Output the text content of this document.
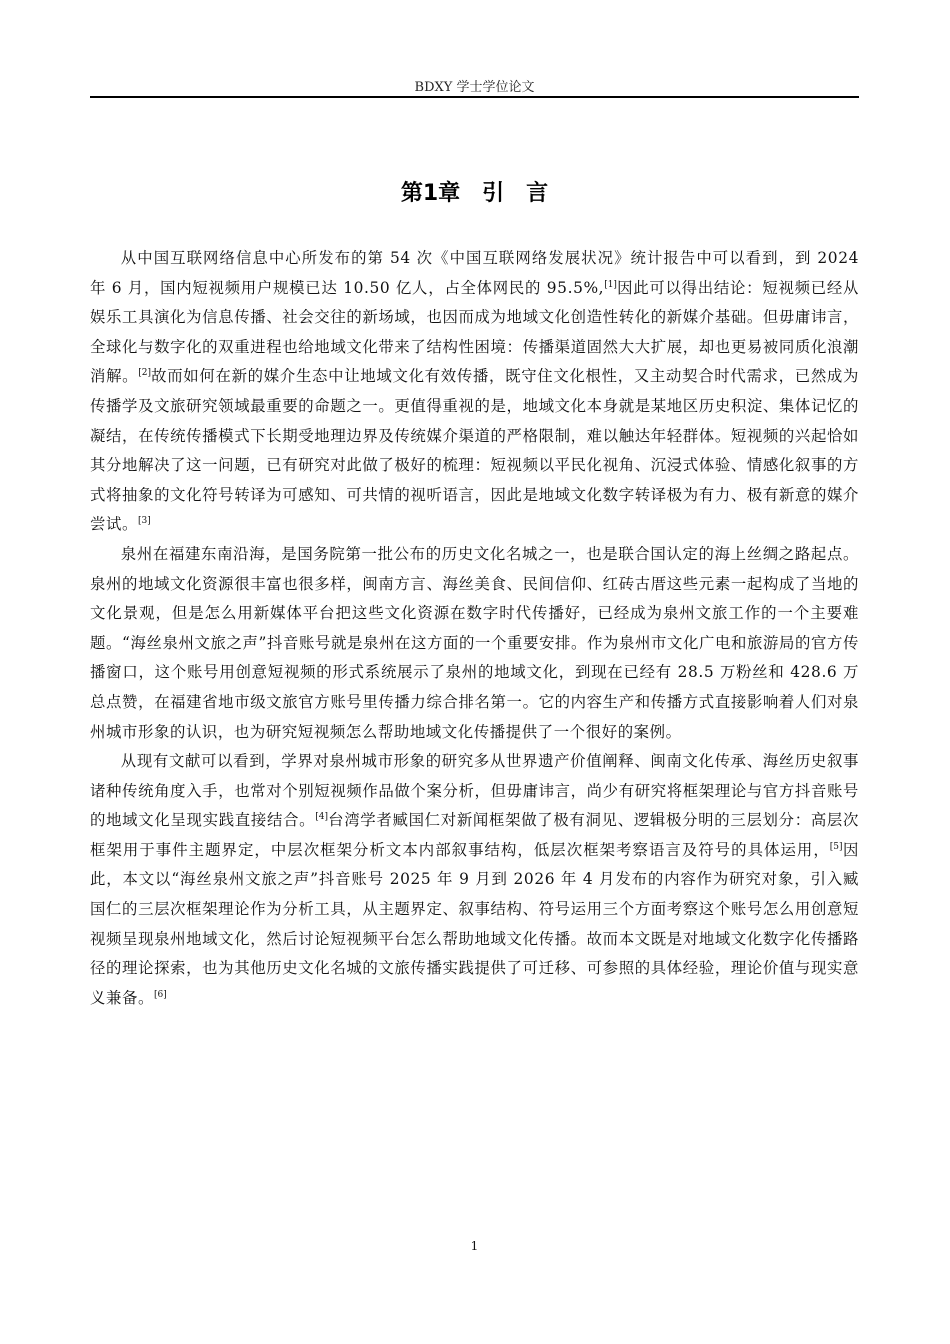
BDXY 学士学位论文
第1章 引　言

从中国互联网络信息中心所发布的第 54 次《中国互联网络发展状况》统计报告中可以看到，到 2024 年 6 月，国内短视频用户规模已达 10.50 亿人，占全体网民的 95.5%,[1]因此可以得出结论：短视频已经从娱乐工具演化为信息传播、社会交往的新场域，也因而成为地域文化创造性转化的新媒介基础。但毋庸讳言，全球化与数字化的双重进程也给地域文化带来了结构性困境：传播渠道固然大大扩展，却也更易被同质化浪潮消解。[2]故而如何在新的媒介生态中让地域文化有效传播，既守住文化根性，又主动契合时代需求，已然成为传播学及文旅研究领域最重要的命题之一。更值得重视的是，地域文化本身就是某地区历史积淀、集体记忆的凝结，在传统传播模式下长期受地理边界及传统媒介渠道的严格限制，难以触达年轻群体。短视频的兴起恰如其分地解决了这一问题，已有研究对此做了极好的梳理：短视频以平民化视角、沉浸式体验、情感化叙事的方式将抽象的文化符号转译为可感知、可共情的视听语言，因此是地域文化数字转译极为有力、极有新意的媒介尝试。[3]

泉州在福建东南沿海，是国务院第一批公布的历史文化名城之一，也是联合国认定的海上丝绸之路起点。泉州的地域文化资源很丰富也很多样，闽南方言、海丝美食、民间信仰、红砖古厝这些元素一起构成了当地的文化景观，但是怎么用新媒体平台把这些文化资源在数字时代传播好，已经成为泉州文旅工作的一个主要难题。“海丝泉州文旅之声”抖音账号就是泉州在这方面的一个重要安排。作为泉州市文化广电和旅游局的官方传播窗口，这个账号用创意短视频的形式系统展示了泉州的地域文化，到现在已经有 28.5 万粉丝和 428.6 万总点赞，在福建省地市级文旅官方账号里传播力综合排名第一。它的内容生产和传播方式直接影响着人们对泉州城市形象的认识，也为研究短视频怎么帮助地域文化传播提供了一个很好的案例。

从现有文献可以看到，学界对泉州城市形象的研究多从世界遗产价值阐释、闽南文化传承、海丝历史叙事诸种传统角度入手，也常对个别短视频作品做个案分析，但毋庸讳言，尚少有研究将框架理论与官方抖音账号的地域文化呈现实践直接结合。[4]台湾学者臧国仁对新闻框架做了极有洞见、逻辑极分明的三层划分：高层次框架用于事件主题界定，中层次框架分析文本内部叙事结构，低层次框架考察语言及符号的具体运用，[5]因此，本文以“海丝泉州文旅之声”抖音账号 2025 年 9 月到 2026 年 4 月发布的内容作为研究对象，引入臧国仁的三层次框架理论作为分析工具，从主题界定、叙事结构、符号运用三个方面考察这个账号怎么用创意短视频呈现泉州地域文化，然后讨论短视频平台怎么帮助地域文化传播。故而本文既是对地域文化数字化传播路径的理论探索，也为其他历史文化名城的文旅传播实践提供了可迁移、可参照的具体经验，理论价值与现实意义兼备。[6]

1
